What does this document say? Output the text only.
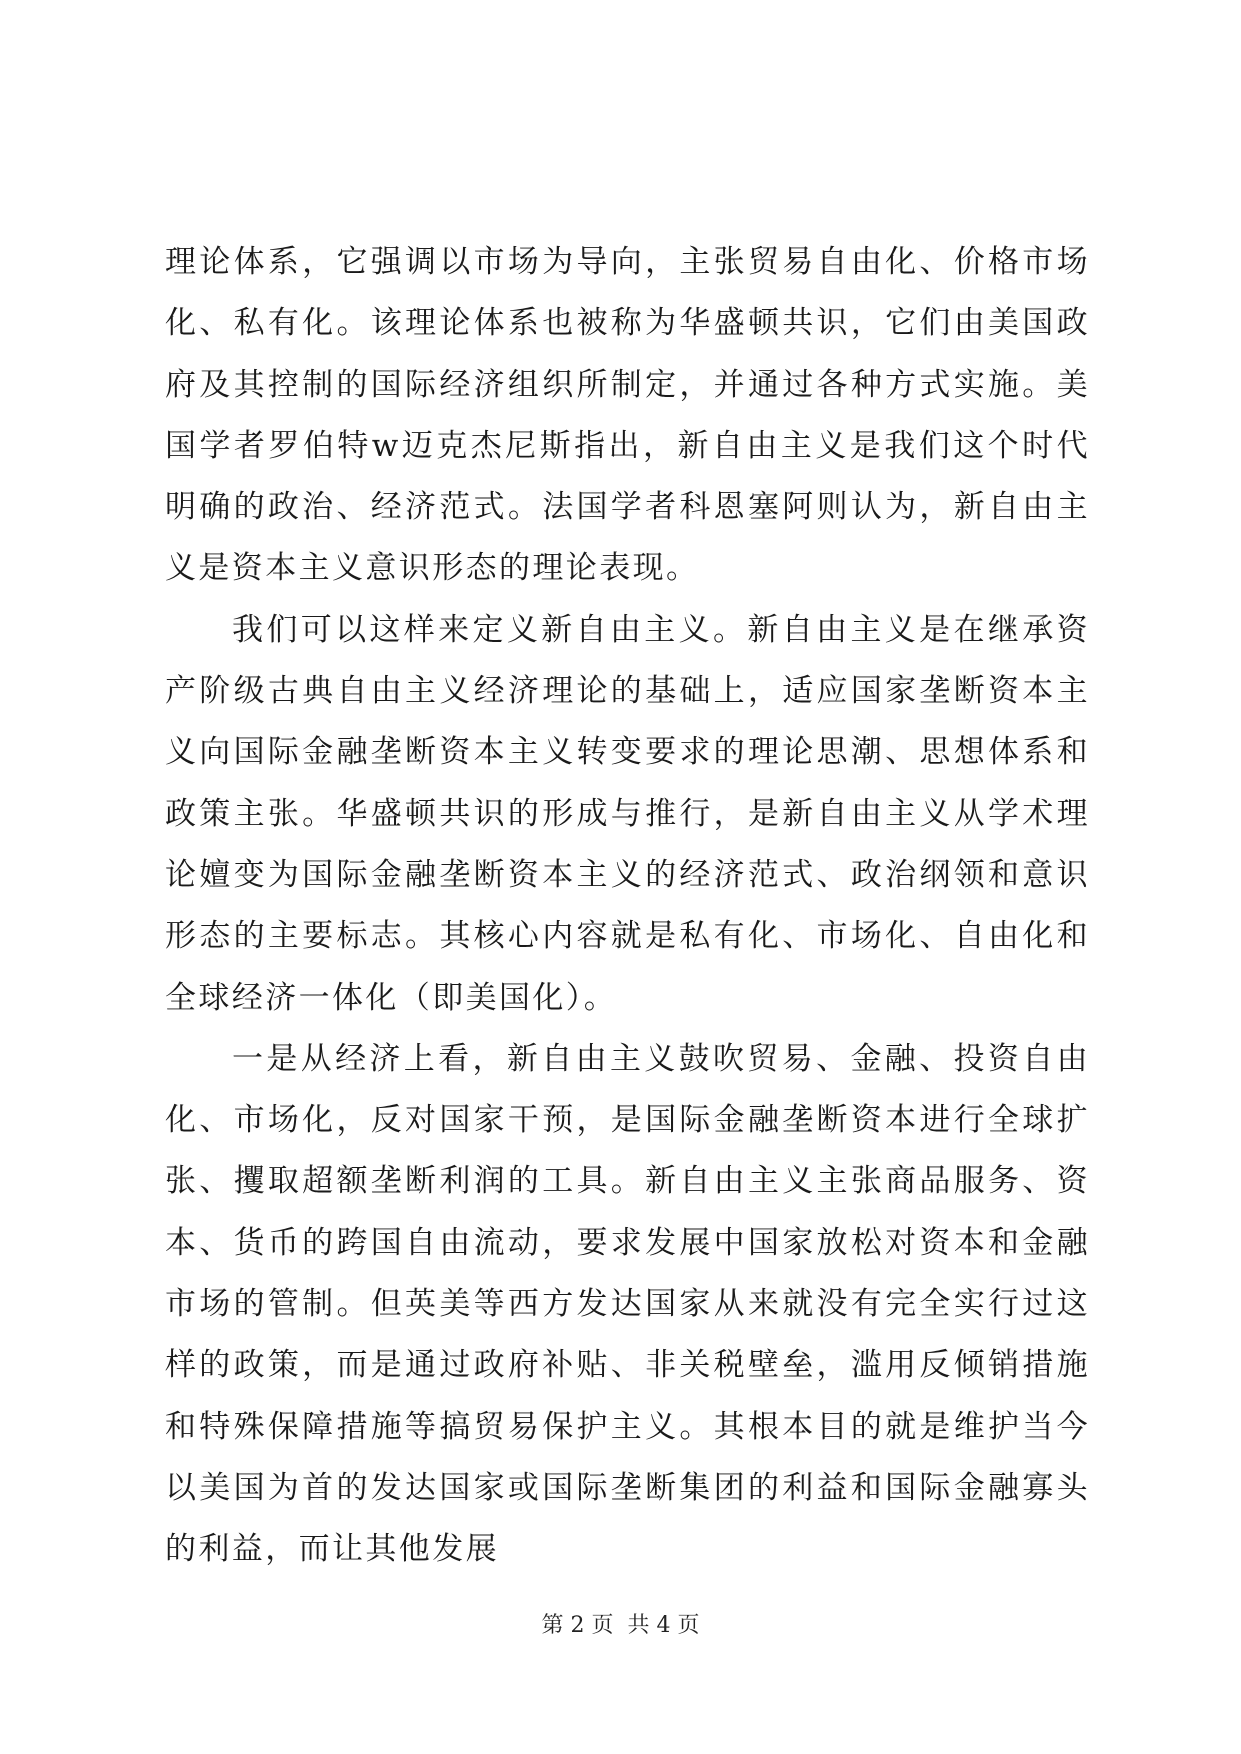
理论体系，它强调以市场为导向，主张贸易自由化、价格市场化、私有化。该理论体系也被称为华盛顿共识，它们由美国政府及其控制的国际经济组织所制定，并通过各种方式实施。美国学者罗伯特w迈克杰尼斯指出，新自由主义是我们这个时代明确的政治、经济范式。法国学者科恩塞阿则认为，新自由主义是资本主义意识形态的理论表现。

我们可以这样来定义新自由主义。新自由主义是在继承资产阶级古典自由主义经济理论的基础上，适应国家垄断资本主义向国际金融垄断资本主义转变要求的理论思潮、思想体系和政策主张。华盛顿共识的形成与推行，是新自由主义从学术理论嬗变为国际金融垄断资本主义的经济范式、政治纲领和意识形态的主要标志。其核心内容就是私有化、市场化、自由化和全球经济一体化（即美国化）。

一是从经济上看，新自由主义鼓吹贸易、金融、投资自由化、市场化，反对国家干预，是国际金融垄断资本进行全球扩张、攫取超额垄断利润的工具。新自由主义主张商品服务、资本、货币的跨国自由流动，要求发展中国家放松对资本和金融市场的管制。但英美等西方发达国家从来就没有完全实行过这样的政策，而是通过政府补贴、非关税壁垒，滥用反倾销措施和特殊保障措施等搞贸易保护主义。其根本目的就是维护当今以美国为首的发达国家或国际垄断集团的利益和国际金融寡头的利益，而让其他发展

第 2 页  共 4 页
